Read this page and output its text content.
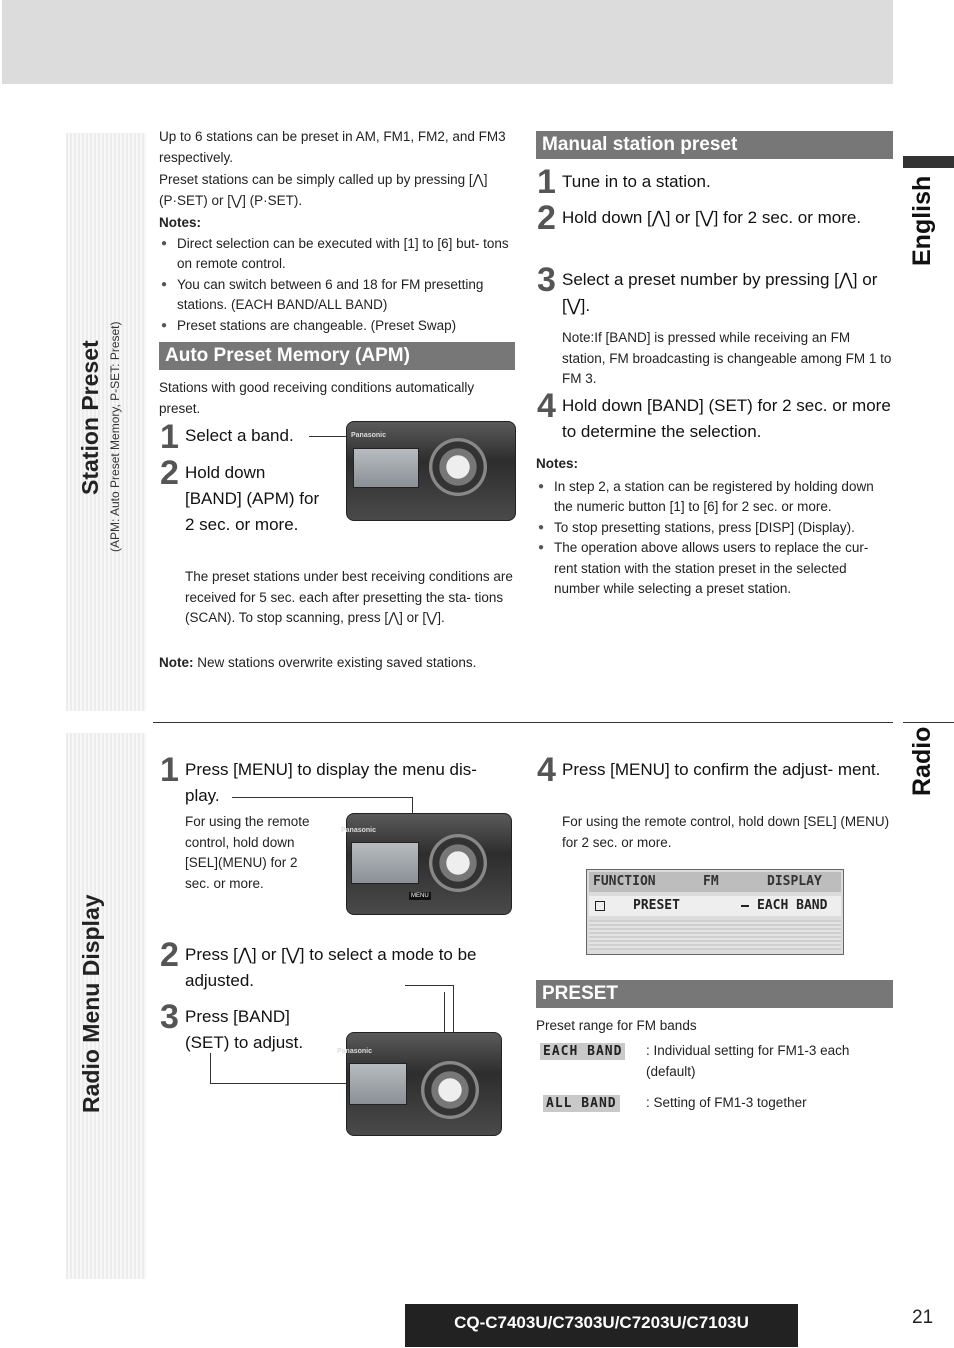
Station Preset (APM: Auto Preset Memory, P-SET: Preset)
Radio Menu Display
English
Radio
Up to 6 stations can be preset in AM, FM1, FM2, and FM3 respectively.
Preset stations can be simply called up by pressing [⋀] (P·SET) or [⋁] (P·SET).
Notes:
● Direct selection can be executed with [1] to [6] but- tons on remote control.
● You can switch between 6 and 18 for FM presetting stations. (EACH BAND/ALL BAND)
● Preset stations are changeable. (Preset Swap)
Auto Preset Memory (APM)
Stations with good receiving conditions automatically preset.
1 Select a band.
2 Hold down [BAND] (APM) for 2 sec. or more.
Panasonic
The preset stations under best receiving conditions are received for 5 sec. each after presetting the sta- tions (SCAN). To stop scanning, press [⋀] or [⋁].
Note: New stations overwrite existing saved stations.
Manual station preset
1 Tune in to a station.
2 Hold down [⋀] or [⋁] for 2 sec. or more.
3 Select a preset number by pressing [⋀] or [⋁].
Note:If [BAND] is pressed while receiving an FM station, FM broadcasting is changeable among FM 1 to FM 3.
4 Hold down [BAND] (SET) for 2 sec. or more to determine the selection.
Notes:
● In step 2, a station can be registered by holding down the numeric button [1] to [6] for 2 sec. or more.
● To stop presetting stations, press [DISP] (Display).
● The operation above allows users to replace the cur- rent station with the station preset in the selected number while selecting a preset station.
1 Press [MENU] to display the menu dis- play.
For using the remote control, hold down [SEL](MENU) for 2 sec. or more.
Panasonic
MENU
2 Press [⋀] or [⋁] to select a mode to be adjusted.
3 Press [BAND] (SET) to adjust.	Panasonic
4 Press [MENU] to confirm the adjust- ment.
For using the remote control, hold down [SEL] (MENU) for 2 sec. or more.
FUNCTION	FM	DISPLAY
PRESET	EACH BAND
PRESET
Preset range for FM bands
EACH BAND : Individual setting for FM1-3 each (default)
ALL BAND : Setting of FM1-3 together
CQ-C7403U/C7303U/C7203U/C7103U	21
